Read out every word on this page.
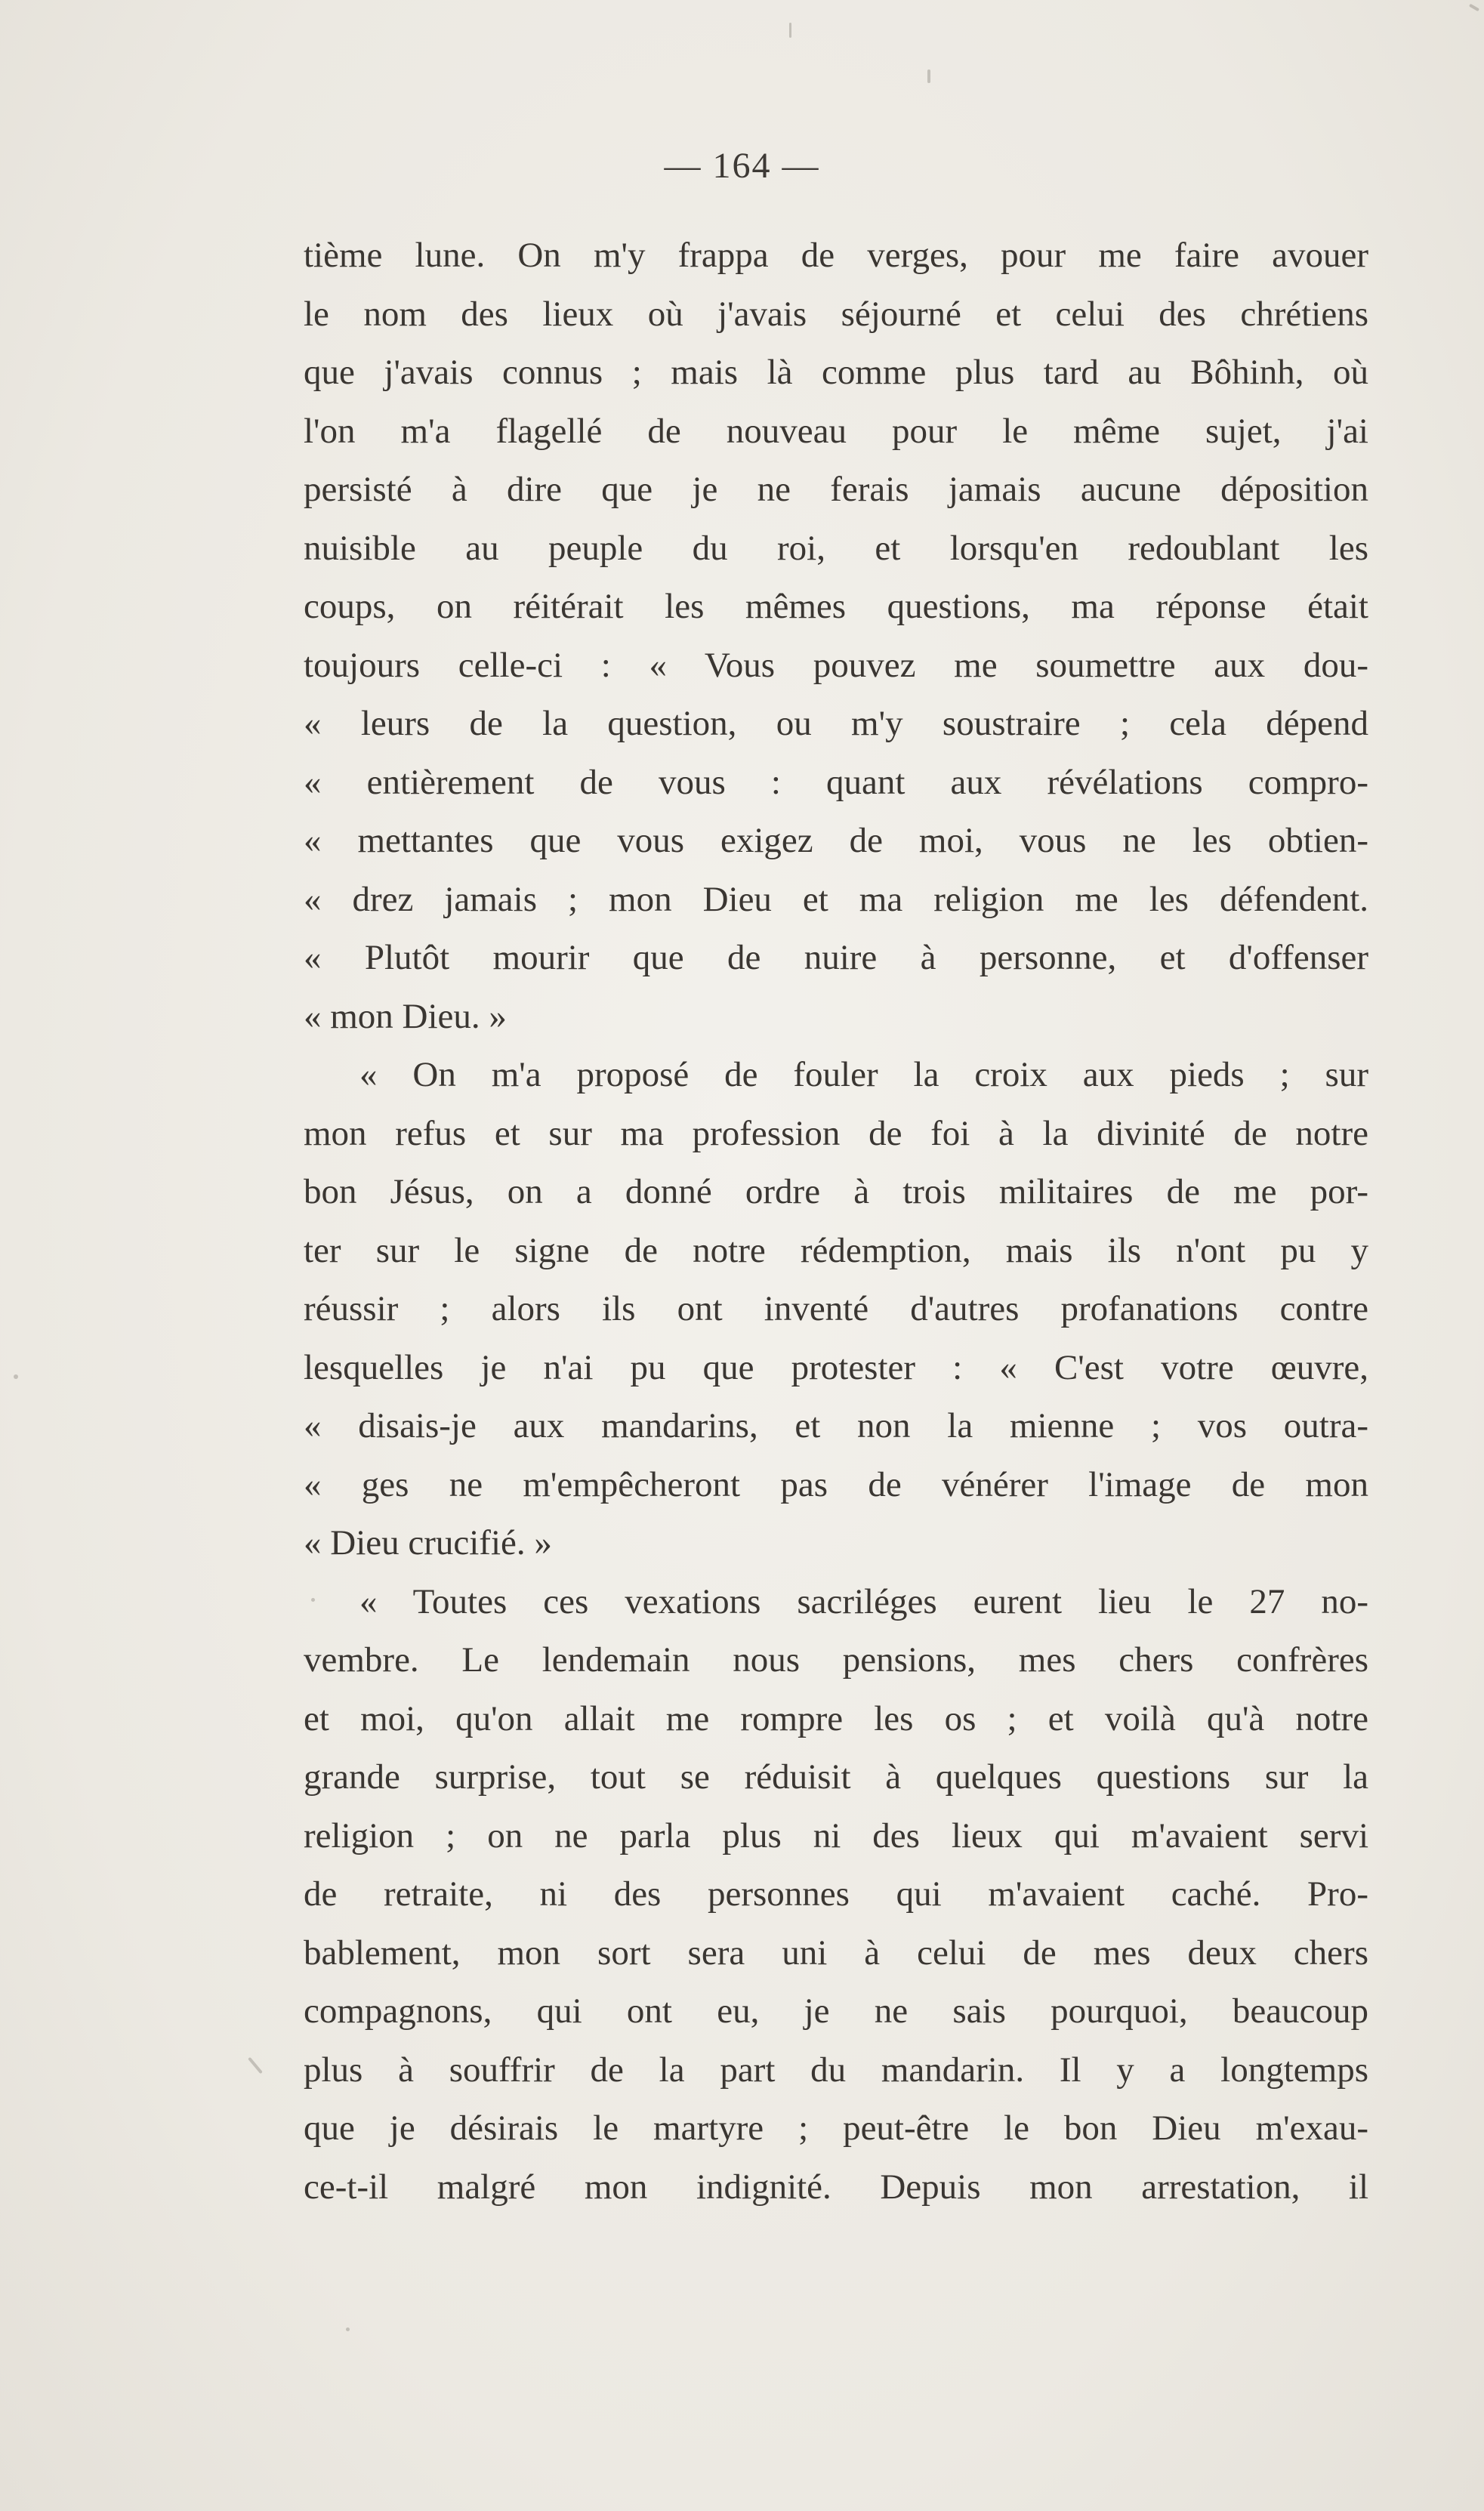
— 164 —
tième lune. On m'y frappa de verges, pour me faire avouer
le nom des lieux où j'avais séjourné et celui des chrétiens
que j'avais connus ; mais là comme plus tard au Bôhinh, où
l'on m'a flagellé de nouveau pour le même sujet, j'ai
persisté à dire que je ne ferais jamais aucune déposition
nuisible au peuple du roi, et lorsqu'en redoublant les
coups, on réitérait les mêmes questions, ma réponse était
toujours celle-ci : « Vous pouvez me soumettre aux dou-
« leurs de la question, ou m'y soustraire ; cela dépend
« entièrement de vous : quant aux révélations compro-
« mettantes que vous exigez de moi, vous ne les obtien-
« drez jamais ; mon Dieu et ma religion me les défendent.
« Plutôt mourir que de nuire à personne, et d'offenser
« mon Dieu. »
« On m'a proposé de fouler la croix aux pieds ; sur
mon refus et sur ma profession de foi à la divinité de notre
bon Jésus, on a donné ordre à trois militaires de me por-
ter sur le signe de notre rédemption, mais ils n'ont pu y
réussir ; alors ils ont inventé d'autres profanations contre
lesquelles je n'ai pu que protester : « C'est votre œuvre,
« disais-je aux mandarins, et non la mienne ; vos outra-
« ges ne m'empêcheront pas de vénérer l'image de mon
« Dieu crucifié. »
« Toutes ces vexations sacriléges eurent lieu le 27 no-
vembre. Le lendemain nous pensions, mes chers confrères
et moi, qu'on allait me rompre les os ; et voilà qu'à notre
grande surprise, tout se réduisit à quelques questions sur la
religion ; on ne parla plus ni des lieux qui m'avaient servi
de retraite, ni des personnes qui m'avaient caché. Pro-
bablement, mon sort sera uni à celui de mes deux chers
compagnons, qui ont eu, je ne sais pourquoi, beaucoup
plus à souffrir de la part du mandarin. Il y a longtemps
que je désirais le martyre ; peut-être le bon Dieu m'exau-
ce-t-il malgré mon indignité. Depuis mon arrestation, il
